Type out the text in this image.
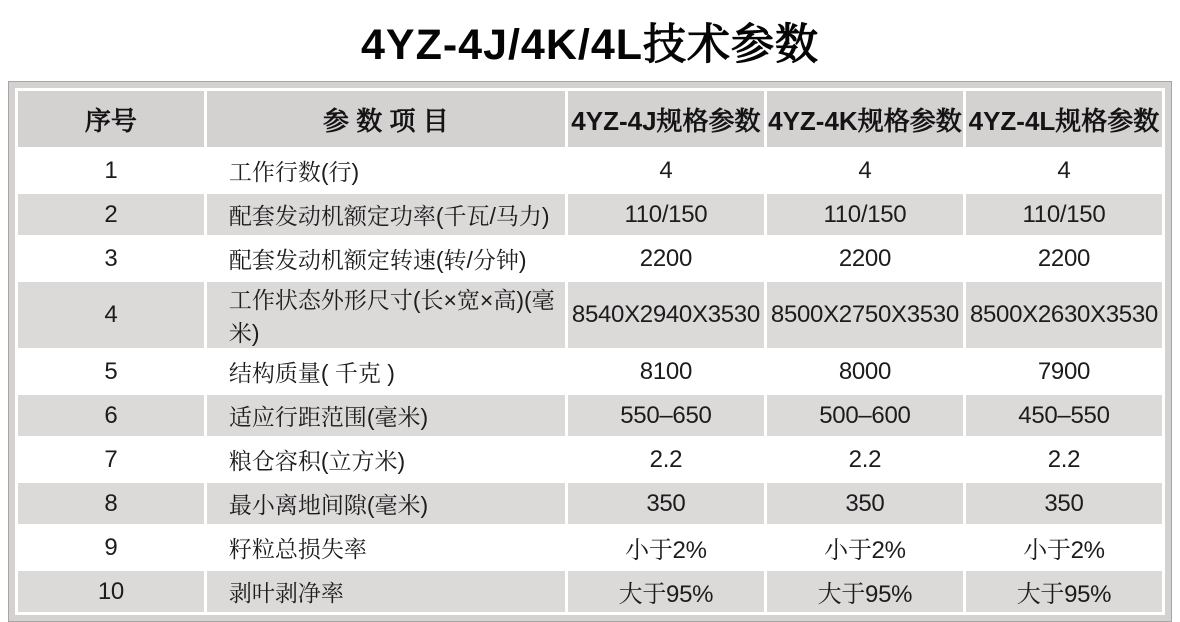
4YZ-4J/4K/4L技术参数
序号	参 数 项 目	4YZ-4J规格参数	4YZ-4K规格参数	4YZ-4L规格参数
1	工作行数(行)	4	4	4
2	配套发动机额定功率(千瓦/马力)	110/150	110/150	110/150
3	配套发动机额定转速(转/分钟)	2200	2200	2200
4	工作状态外形尺寸(长×宽×高)(毫米)	8540X2940X3530	8500X2750X3530	8500X2630X3530
5	结构质量( 千克 )	8100	8000	7900
6	适应行距范围(毫米)	550–650	500–600	450–550
7	粮仓容积(立方米)	2.2	2.2	2.2
8	最小离地间隙(毫米)	350	350	350
9	籽粒总损失率	小于2%	小于2%	小于2%
10	剥叶剥净率	大于95%	大于95%	大于95%
